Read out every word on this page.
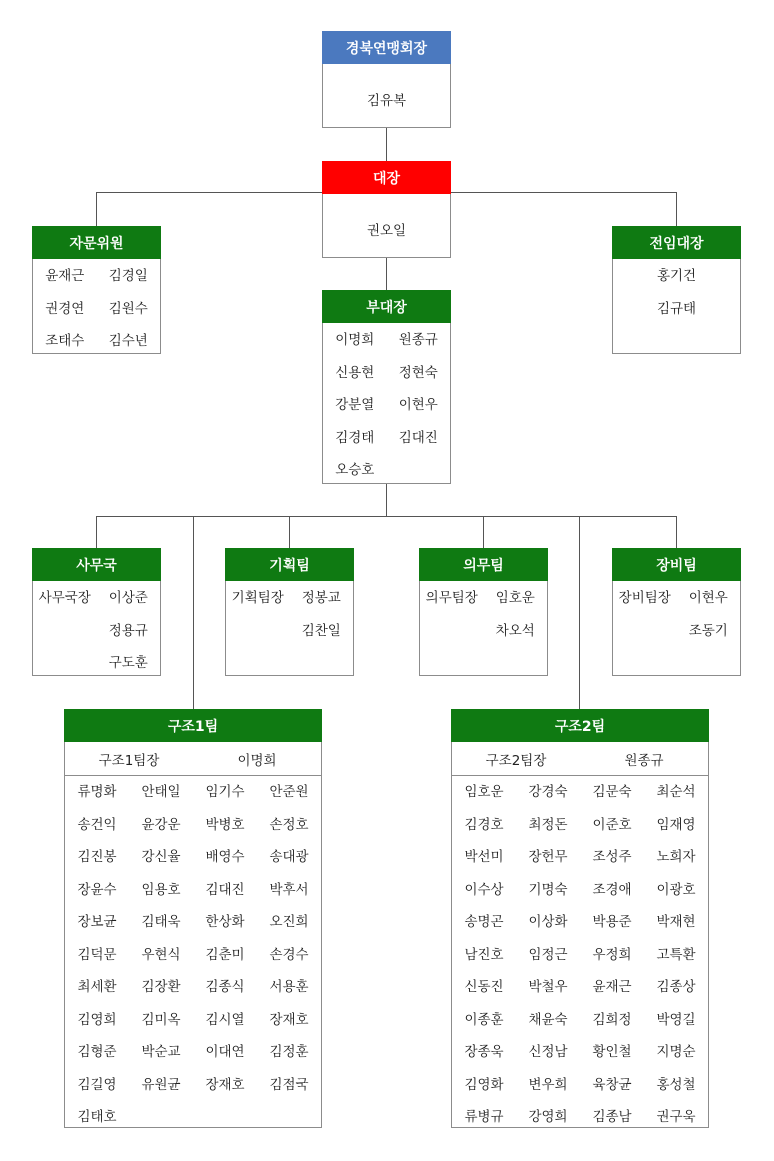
경북연맹회장
김유복
대장
권오일
자문위원
윤재근	김경일
권경연	김원수
조태수	김수년
전임대장
홍기건
김규태
부대장
이명희	원종규
신용현	정현숙
강분열	이현우
김경태	김대진
오승호
사무국
사무국장	이상준
정용규
구도훈
기획팀
기획팀장	정봉교
김찬일
의무팀
의무팀장	임호운
차오석
장비팀
장비팀장	이현우
조동기
구조1팀
구조1팀장	이명희
류명화	안태일	임기수	안준원
송건익	윤강운	박병호	손정호
김진봉	강신율	배영수	송대광
장윤수	임용호	김대진	박후서
장보균	김태욱	한상화	오진희
김덕문	우현식	김춘미	손경수
최세환	김장환	김종식	서용훈
김영희	김미옥	김시열	장재호
김형준	박순교	이대연	김정훈
김길영	유원균	장재호	김점국
김태호
구조2팀
구조2팀장	원종규
임호운	강경숙	김문숙	최순석
김경호	최정돈	이준호	임재영
박선미	장헌무	조성주	노희자
이수상	기명숙	조경애	이광호
송명곤	이상화	박용준	박재현
남진호	임정근	우정희	고특환
신동진	박철우	윤재근	김종상
이종훈	채윤숙	김희정	박영길
장종욱	신정남	황인철	지명순
김영화	변우희	육창균	홍성철
류병규	강영희	김종남	권구욱
